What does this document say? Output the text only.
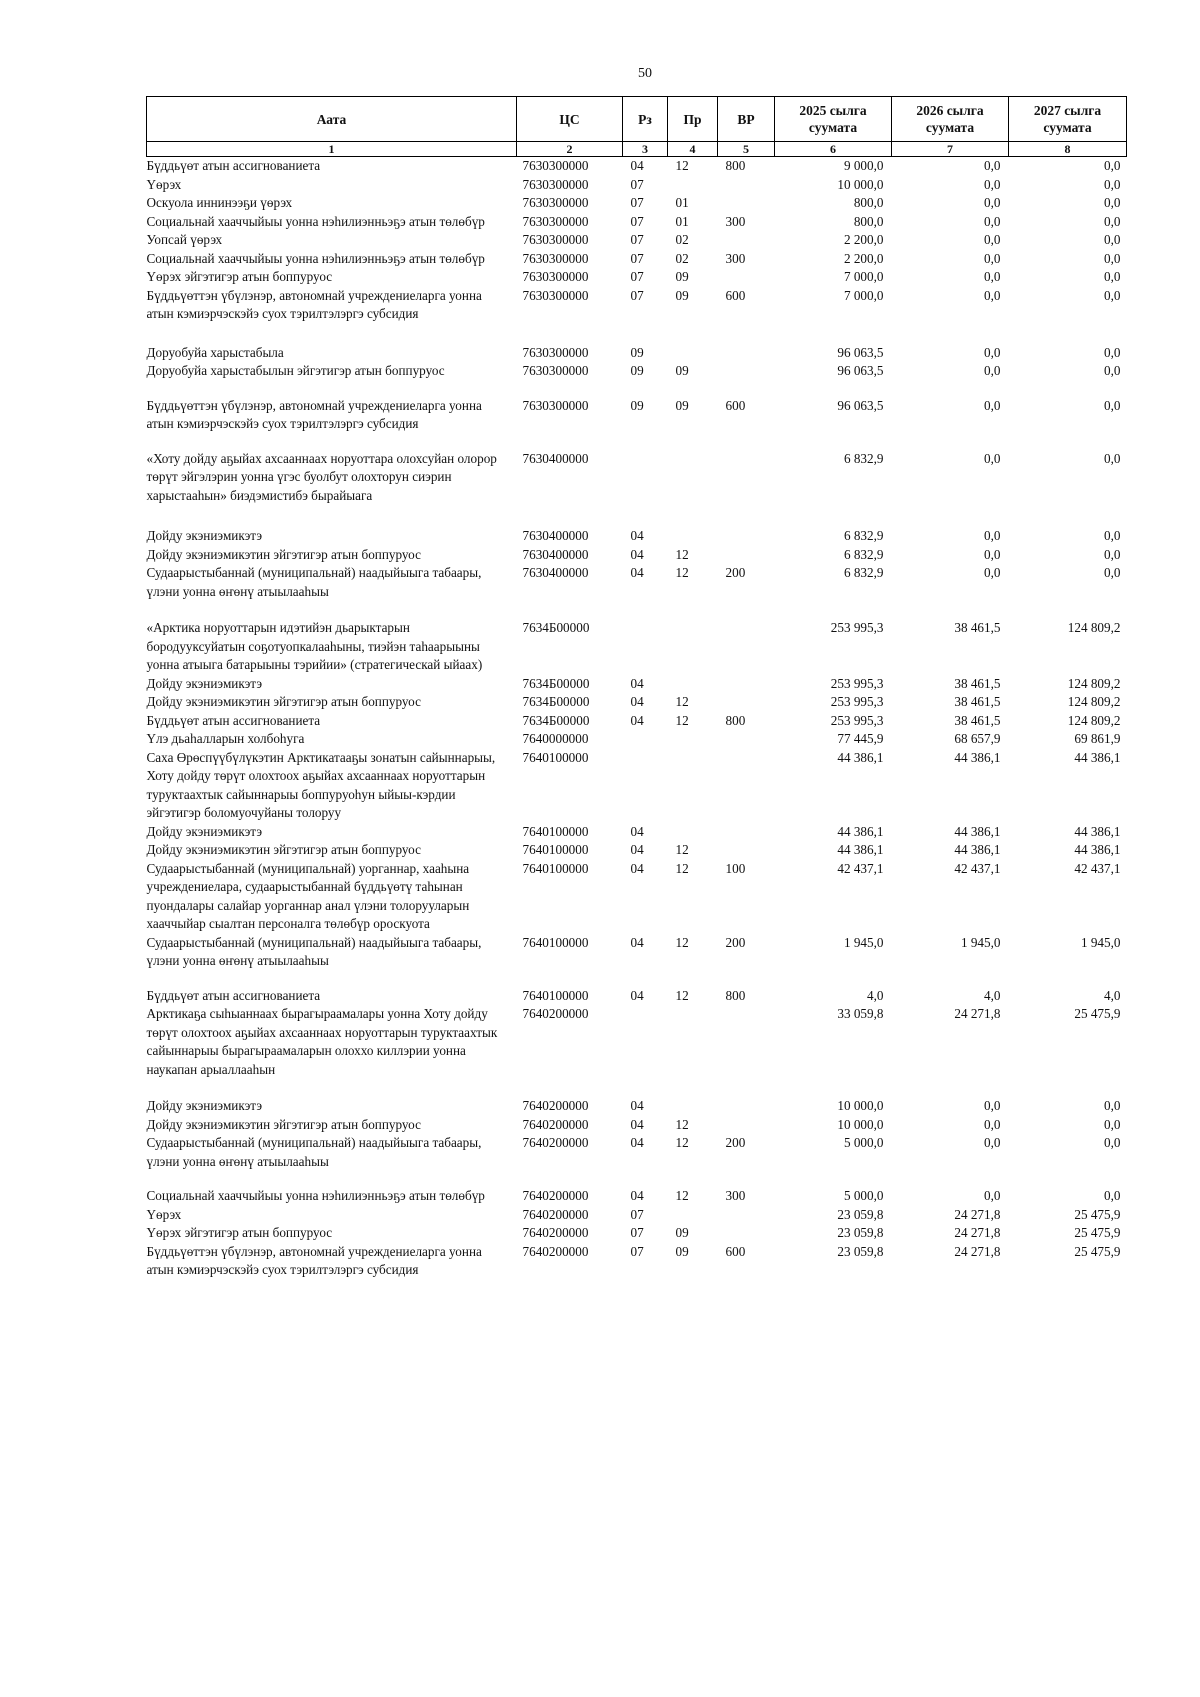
50
Аата	ЦС	Рз	Пр	ВР	2025 сылга суумата	2026 сылга суумата	2027 сылга суумата
1	2	3	4	5	6	7	8
Бүддьүөт атын ассигнованиета	7630300000	04	12	800	9 000,0	0,0	0,0
Үөрэх	7630300000	07			10 000,0	0,0	0,0
Оскуола иннинээҕи үөрэх	7630300000	07	01		800,0	0,0	0,0
Социальнай хааччыйыы уонна нэһилиэнньэҕэ атын төлөбүр	7630300000	07	01	300	800,0	0,0	0,0
Уопсай үөрэх	7630300000	07	02		2 200,0	0,0	0,0
Социальнай хааччыйыы уонна нэһилиэнньэҕэ атын төлөбүр	7630300000	07	02	300	2 200,0	0,0	0,0
Үөрэх эйгэтигэр атын боппуруос	7630300000	07	09		7 000,0	0,0	0,0
Бүддьүөттэн үбүлэнэр, автономнай учреждениеларга уонна атын кэмиэрчэскэйэ суох тэрилтэлэргэ субсидия	7630300000	07	09	600	7 000,0	0,0	0,0
Доруобуйа харыстабыла	7630300000	09			96 063,5	0,0	0,0
Доруобуйа харыстабылын эйгэтигэр атын боппуруос	7630300000	09	09		96 063,5	0,0	0,0
Бүддьүөттэн үбүлэнэр, автономнай учреждениеларга уонна атын кэмиэрчэскэйэ суох тэрилтэлэргэ субсидия	7630300000	09	09	600	96 063,5	0,0	0,0
«Хоту дойду аҕыйах ахсааннаах норуоттара олохсуйан олорор төрүт эйгэлэрин уонна үгэс буолбут олохторун сиэрин харыстааһын» биэдэмистибэ бырайыага	7630400000				6 832,9	0,0	0,0
Дойду экэниэмикэтэ	7630400000	04			6 832,9	0,0	0,0
Дойду экэниэмикэтин эйгэтигэр атын боппуруос	7630400000	04	12		6 832,9	0,0	0,0
Судаарыстыбаннай (муниципальнай) наадыйыыга табаары, үлэни уонна өҥөнү атыылааһыы	7630400000	04	12	200	6 832,9	0,0	0,0
«Арктика норуоттарын идэтийэн дьарыктарын бородууксуйатын соҕотуопкалааһыны, тиэйэн таһаарыыны уонна атыыга батарыыны тэрийии» (стратегическай ыйаах)	7634Б00000				253 995,3	38 461,5	124 809,2
Дойду экэниэмикэтэ	7634Б00000	04			253 995,3	38 461,5	124 809,2
Дойду экэниэмикэтин эйгэтигэр атын боппуруос	7634Б00000	04	12		253 995,3	38 461,5	124 809,2
Бүддьүөт атын ассигнованиета	7634Б00000	04	12	800	253 995,3	38 461,5	124 809,2
Үлэ дьаһалларын холбоһуга	7640000000				77 445,9	68 657,9	69 861,9
Саха Өрөспүүбүлүкэтин Арктикатааҕы зонатын сайыннарыы, Хоту дойду төрүт олохтоох аҕыйах ахсааннаах норуоттарын туруктаахтык сайыннарыы боппуруоһун ыйыы-кэрдии эйгэтигэр боломуочуйаны толоруу	7640100000				44 386,1	44 386,1	44 386,1
Дойду экэниэмикэтэ	7640100000	04			44 386,1	44 386,1	44 386,1
Дойду экэниэмикэтин эйгэтигэр атын боппуруос	7640100000	04	12		44 386,1	44 386,1	44 386,1
Судаарыстыбаннай (муниципальнай) уорганнар, хааһына учреждениелара, судаарыстыбаннай бүддьүөтү таһынан пуондалары салайар уорганнар анал үлэни толорууларын хааччыйар сыалтан персоналга төлөбүр ороскуота	7640100000	04	12	100	42 437,1	42 437,1	42 437,1
Судаарыстыбаннай (муниципальнай) наадыйыыга табаары, үлэни уонна өҥөнү атыылааһыы	7640100000	04	12	200	1 945,0	1 945,0	1 945,0
Бүддьүөт атын ассигнованиета	7640100000	04	12	800	4,0	4,0	4,0
Арктикаҕа сыһыаннаах бырагыраамалары уонна Хоту дойду төрүт олохтоох аҕыйах ахсааннаах норуоттарын туруктаахтык сайыннарыы бырагыраамаларын олоххо киллэрии уонна наукапан арыаллааһын	7640200000				33 059,8	24 271,8	25 475,9
Дойду экэниэмикэтэ	7640200000	04			10 000,0	0,0	0,0
Дойду экэниэмикэтин эйгэтигэр атын боппуруос	7640200000	04	12		10 000,0	0,0	0,0
Судаарыстыбаннай (муниципальнай) наадыйыыга табаары, үлэни уонна өҥөнү атыылааһыы	7640200000	04	12	200	5 000,0	0,0	0,0
Социальнай хааччыйыы уонна нэһилиэнньэҕэ атын төлөбүр	7640200000	04	12	300	5 000,0	0,0	0,0
Үөрэх	7640200000	07			23 059,8	24 271,8	25 475,9
Үөрэх эйгэтигэр атын боппуруос	7640200000	07	09		23 059,8	24 271,8	25 475,9
Бүддьүөттэн үбүлэнэр, автономнай учреждениеларга уонна атын кэмиэрчэскэйэ суох тэрилтэлэргэ субсидия	7640200000	07	09	600	23 059,8	24 271,8	25 475,9
